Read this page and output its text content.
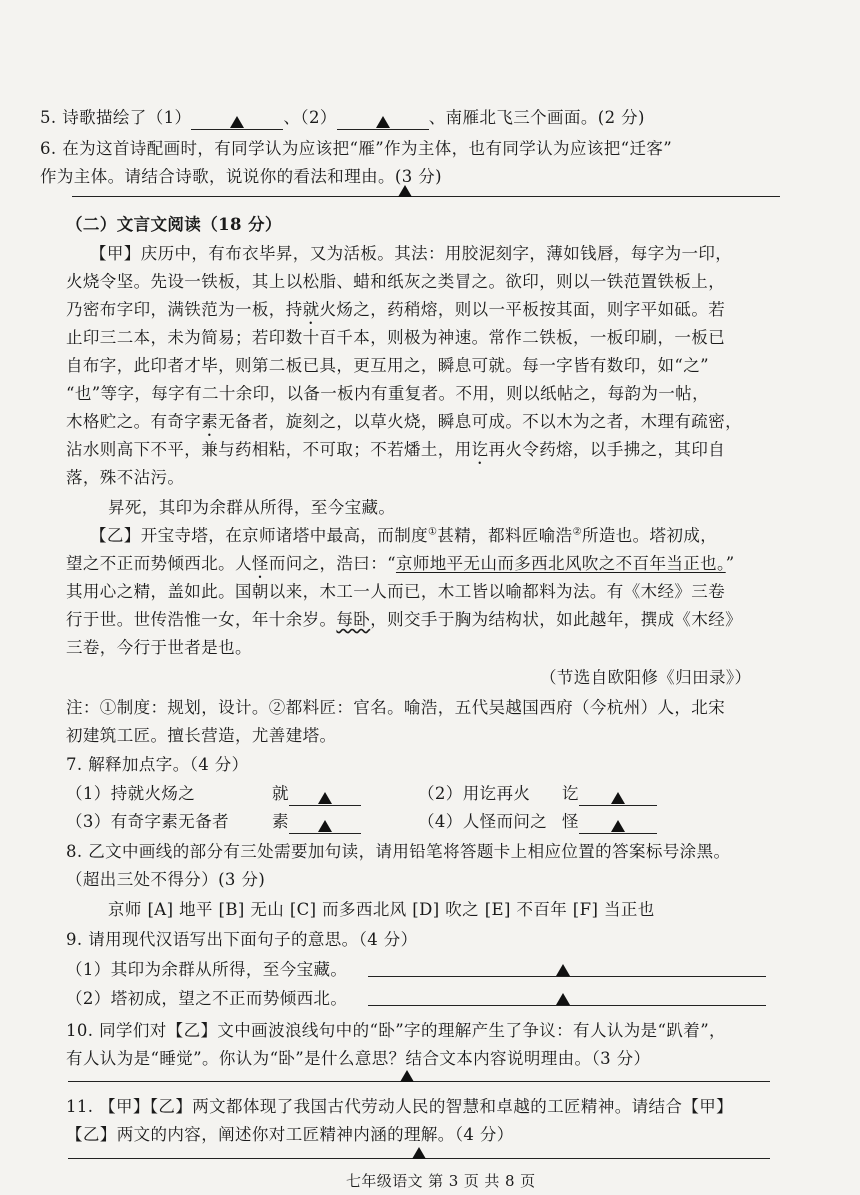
5. 诗歌描绘了（1）	、（2）	、南雁北飞三个画面。(2 分)
6. 在为这首诗配画时，有同学认为应该把“雁”作为主体，也有同学认为应该把“迁客”
作为主体。请结合诗歌，说说你的看法和理由。(3 分)
（二）文言文阅读（18 分）
【甲】庆历中，有布衣毕昇，又为活板。其法：用胶泥刻字，薄如钱唇，每字为一印，
火烧令坚。先设一铁板，其上以松脂、蜡和纸灰之类冒之。欲印，则以一铁范置铁板上，
乃密布字印，满铁范为一板，持就火炀之，药稍熔，则以一平板按其面，则字平如砥。若
止印三二本，未为简易；若印数十百千本，则极为神速。常作二铁板，一板印刷，一板已
自布字，此印者才毕，则第二板已具，更互用之，瞬息可就。每一字皆有数印，如“之”
“也”等字，每字有二十余印，以备一板内有重复者。不用，则以纸帖之，每韵为一帖，
木格贮之。有奇字素无备者，旋刻之，以草火烧，瞬息可成。不以木为之者，木理有疏密，
沾水则高下不平，兼与药相粘，不可取；不若燔土，用讫再火令药熔，以手拂之，其印自
落，殊不沾污。
昇死，其印为余群从所得，至今宝藏。
【乙】开宝寺塔，在京师诸塔中最高，而制度①甚精，都料匠喻浩②所造也。塔初成，
望之不正而势倾西北。人怪而问之，浩曰：“京师地平无山而多西北风吹之不百年当正也。”
其用心之精，盖如此。国朝以来，木工一人而已，木工皆以喻都料为法。有《木经》三卷
行于世。世传浩惟一女，年十余岁。每卧，则交手于胸为结构状，如此越年，撰成《木经》
三卷，今行于世者是也。
（节选自欧阳修《归田录》）
注：①制度：规划，设计。②都料匠：官名。喻浩，五代吴越国西府（今杭州）人，北宋
初建筑工匠。擅长营造，尤善建塔。
7. 解释加点字。（4 分）
（1）持就火炀之	就	（2）用讫再火 讫
（3）有奇字素无备者	素	（4）人怪而问之 怪
8. 乙文中画线的部分有三处需要加句读，请用铅笔将答题卡上相应位置的答案标号涂黑。
（超出三处不得分）(3 分)
京师 [A] 地平 [B] 无山 [C] 而多西北风 [D] 吹之 [E] 不百年 [F] 当正也
9. 请用现代汉语写出下面句子的意思。（4 分）
（1）其印为余群从所得，至今宝藏。
（2）塔初成，望之不正而势倾西北。
10. 同学们对【乙】文中画波浪线句中的“卧”字的理解产生了争议：有人认为是“趴着”，
有人认为是“睡觉”。你认为“卧”是什么意思？结合文本内容说明理由。（3 分）
11. 【甲】【乙】两文都体现了我国古代劳动人民的智慧和卓越的工匠精神。请结合【甲】
【乙】两文的内容，阐述你对工匠精神内涵的理解。（4 分）
七年级语文 第 3 页 共 8 页
